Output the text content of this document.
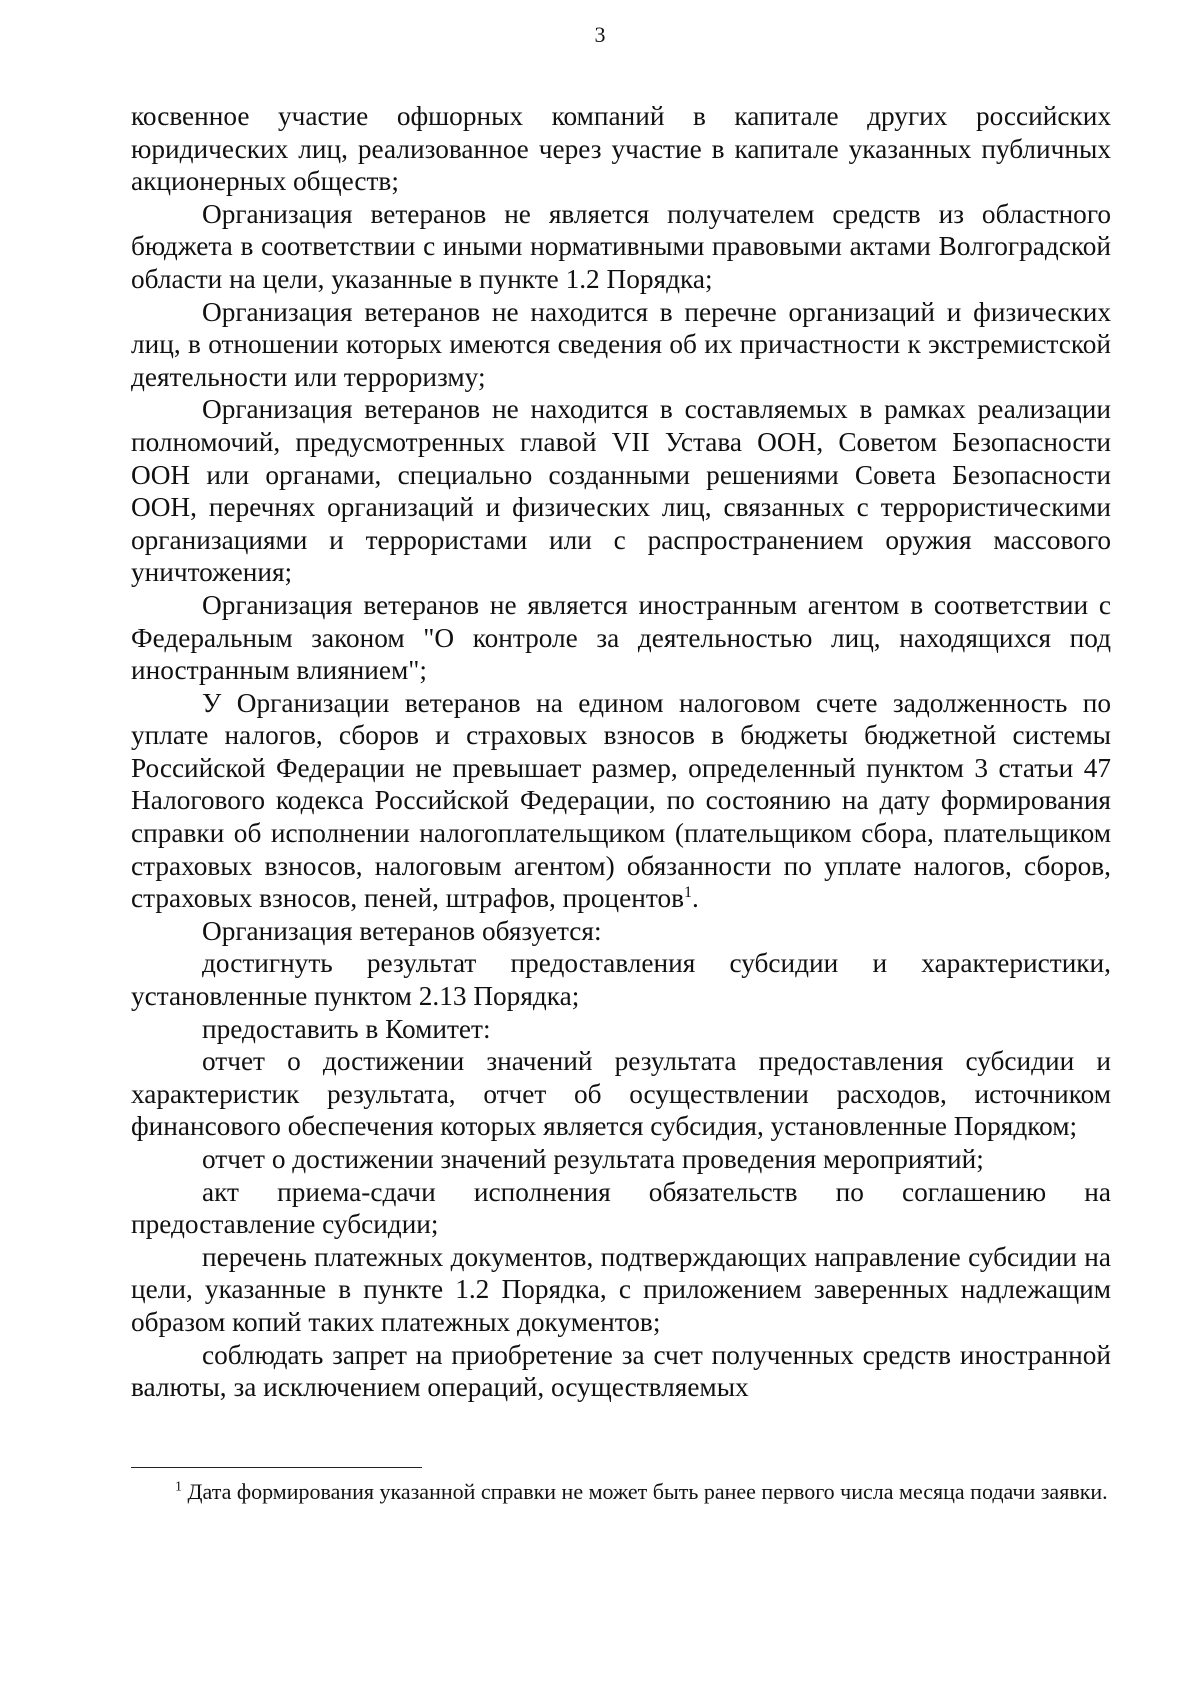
3

косвенное участие офшорных компаний в капитале других российских юридических лиц, реализованное через участие в капитале указанных публичных акционерных обществ;

Организация ветеранов не является получателем средств из областного бюджета в соответствии с иными нормативными правовыми актами Волгоградской области на цели, указанные в пункте 1.2 Порядка;

Организация ветеранов не находится в перечне организаций и физических лиц, в отношении которых имеются сведения об их причастности к экстремистской деятельности или терроризму;

Организация ветеранов не находится в составляемых в рамках реализации полномочий, предусмотренных главой VII Устава ООН, Советом Безопасности ООН или органами, специально созданными решениями Совета Безопасности ООН, перечнях организаций и физических лиц, связанных с террористическими организациями и террористами или с распространением оружия массового уничтожения;

Организация ветеранов не является иностранным агентом в соответствии с Федеральным законом "О контроле за деятельностью лиц, находящихся под иностранным влиянием";

У Организации ветеранов на едином налоговом счете задолженность по уплате налогов, сборов и страховых взносов в бюджеты бюджетной системы Российской Федерации не превышает размер, определенный пунктом 3 статьи 47 Налогового кодекса Российской Федерации, по состоянию на дату формирования справки об исполнении налогоплательщиком (плательщиком сбора, плательщиком страховых взносов, налоговым агентом) обязанности по уплате налогов, сборов, страховых взносов, пеней, штрафов, процентов$^1$.

Организация ветеранов обязуется:

достигнуть результат предоставления субсидии и характеристики, установленные пунктом 2.13 Порядка;

предоставить в Комитет:

отчет о достижении значений результата предоставления субсидии и характеристик результата, отчет об осуществлении расходов, источником финансового обеспечения которых является субсидия, установленные Порядком;

отчет о достижении значений результата проведения мероприятий;

акт приема-сдачи исполнения обязательств по соглашению на предоставление субсидии;

перечень платежных документов, подтверждающих направление субсидии на цели, указанные в пункте 1.2 Порядка, с приложением заверенных надлежащим образом копий таких платежных документов;

соблюдать запрет на приобретение за счет полученных средств иностранной валюты, за исключением операций, осуществляемых

$^1$ Дата формирования указанной справки не может быть ранее первого числа месяца подачи заявки.
